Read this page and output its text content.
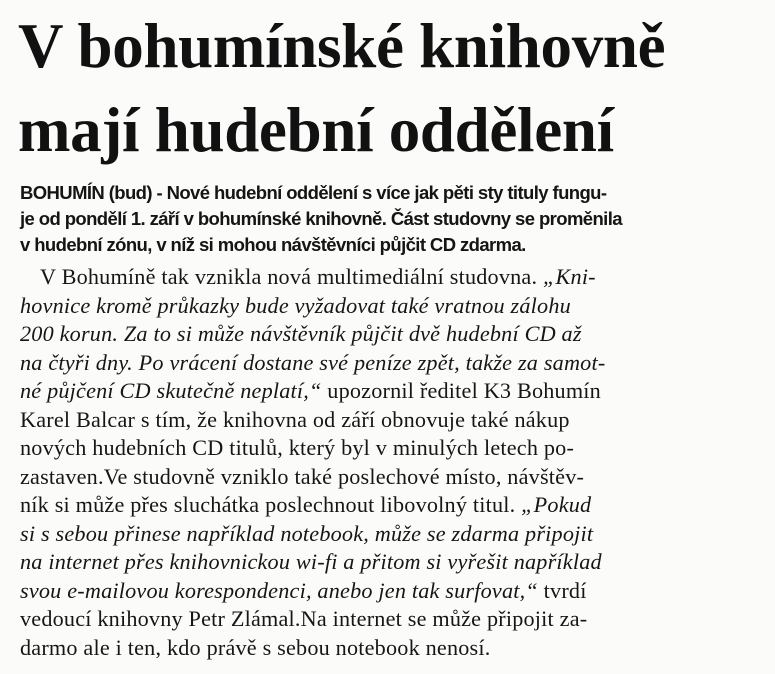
V bohumínské knihovně
mají hudební oddělení

BOHUMÍN (bud) - Nové hudební oddělení s více jak pěti sty tituly fungu-
je od pondělí 1. září v bohumínské knihovně. Část studovny se proměnila
v hudební zónu, v níž si mohou návštěvníci půjčit CD zdarma.

V Bohumíně tak vznikla nová multimediální studovna. „Kni-
hovnice kromě průkazky bude vyžadovat také vratnou zálohu
200 korun. Za to si může návštěvník půjčit dvě hudební CD až
na čtyři dny. Po vrácení dostane své peníze zpět, takže za samot-
né půjčení CD skutečně neplatí,“ upozornil ředitel K3 Bohumín
Karel Balcar s tím, že knihovna od září obnovuje také nákup
nových hudebních CD titulů, který byl v minulých letech po-
zastaven.Ve studovně vzniklo také poslechové místo, návštěv-
ník si může přes sluchátka poslechnout libovolný titul. „Pokud
si s sebou přinese například notebook, může se zdarma připojit
na internet přes knihovnickou wi-fi a přitom si vyřešit například
svou e-mailovou korespondenci, anebo jen tak surfovat,“ tvrdí
vedoucí knihovny Petr Zlámal.Na internet se může připojit za-
darmo ale i ten, kdo právě s sebou notebook nenosí.
